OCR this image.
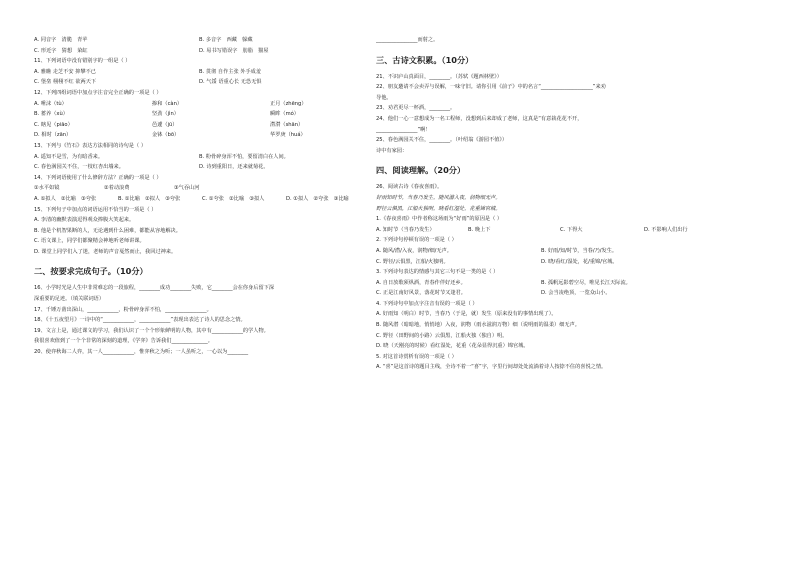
A. 同音字　清脆　青苹	B. 多音字　西藏　躲藏
C. 形近字　猜想　染缸	D. 易书写错误字　肪脂　猫屋
11、下列词语中没有错别字的一组是（ ）
A. 雅瞧 走芝不安 抑攀不已	B. 贯彻 自作主张 外手成羞
C. 堡垒 栩栩不红 欲两天下	D. 气馁 语重心长 无恐无惧
12、下列四组词语中加点字注音完全正确的一项是（ ）
A. 唾沫（tù）	掺和（càn）	正月（zhēng）
B. 蓄养（xù）	坚劲（jìn）	瞬眸（mó）
C. 瞎见（piāo）	邑遽（jū）	潸潸（shān）
D. 相时（zān）	金钵（bō）	华罗庚（huá）
13、下列与《竹石》表达方法相同的诗句是（ ）
A. 遥知不是雪，为有暗香来。	B. 粉骨碎身浑不怕，要留清白在人间。
C. 春色满园关不住，一枝红杏出墙来。	D. 诗到重阳日，还来就菊花。
14、下列词语使用了什么修辞方法？正确的一项是（ ）
①水平如镜	②着动浪费	③气吞山河
A. ①拟人　②比喻　③夸张	B. ①比喻　②拟人　③夸张	C. ①夸张　②比喻　③拟人	D. ①拟人　②夸张　③比喻
15、下列句子中加点的词语运用不恰当的一项是（ ）
A. 李清的幽默表演逗得观众捧腹大笑起来。
B. 他是个机智果断的人，无论遇到什么困难，都能从容地解决。
C. 语文课上，同学们都聚精会神地听老师讲课。
D. 课堂上同学们入了迷，老师的声音戛然而止，我回过神来。
二、按要求完成句子。（10分）
16、小学时光是人生中非常难忘的一段旅程，________成功________失败，它________会在你身后留下深
深重要的足迹。（填关联词语）
17、千锤万凿出深山，____________，粉骨碎身浑不怕，________________。
18、《十五夜望月》一诗中的“____________，____________”表现出表达了诗人的思念之情。
19、文言上是，通过课文的学习，我们认识了一个个形象鲜明的人物，其中有____________的学人物。
我很喜欢值到了一个个非常的深刻的道理，《学弈》告诉我们______________。
20、使弈秋诲二人弈，其一人____________，惟弈秋之为听；一人虽听之，一心以为________
________________而射之。
三、古诗文积累。（10分）
21、不识庐山真面目，________。（苏轼《题西林壁》）
22、朋友邀请不会卖弄与误解，一味守旧。请你引用《前子》中的名言“____________________”来劝
导他。
23、劝君更尽一杯酒，________。
24、他们一心一意想成为一名工程师，没想到后来却成了老师，这真是“有意栽花花不开，
________________”啊！
25、春色满园关不住，________。（叶绍翁《游园不值》）
诗中有家园：
四、阅读理解。（20分）
26、阅读古诗《春夜喜雨》。
好雨知时节，当春乃发生。随风潜入夜，润物细无声。
野径云俱黑，江船火独明。晓看红湿处，花重锦官城。
1.《春夜喜雨》中作者称这场雨为“好雨”的原因是（ ）
A. 知时节（当春乃发生）	B. 晚上下	C. 下得大	D. 不影响人们出行
2. 下列诗句停顿有误的一项是（ ）
A. 随风/潜/入夜，润物/细/无声。	B. 好雨/知/时节，当春/乃/发生。
C. 野径/云俱黑，江船/火独明。	D. 晓/看红/湿处，花/重锦/官城。
3. 下列诗句表达的情感与其它三句不是一类的是（ ）
A. 自日放歌须纵酒，青春作伴好还乡。	B. 孤帆远影碧空尽，唯见长江天际流。
C. 正是江南好风景，落花时节又逢君。	D. 会当凌绝顶，一览众山小。
4. 下列诗句中加点字注音有误的一项是（ ）
A. 好雨知（明白）时节，当春乃（于是，就）发生（原来没有的事情出现了）。
B. 随风潜（暗暗地，悄悄地）入夜，润物（雨水滋润万物）细（说明雨的温柔）细无声。
C. 野径（田野间的小路）云俱黑，江船火独（独自）明。
D. 晓（天刚亮的时候）看红湿处，花重（花朵显得沉重）锦官城。
5. 对这首诗赏析有误的一项是（ ）
A. “喜”是这首诗的题目主线，全诗不着一“喜”字，字里行间却处处流淌着诗人按捺不住的喜悦之情。
